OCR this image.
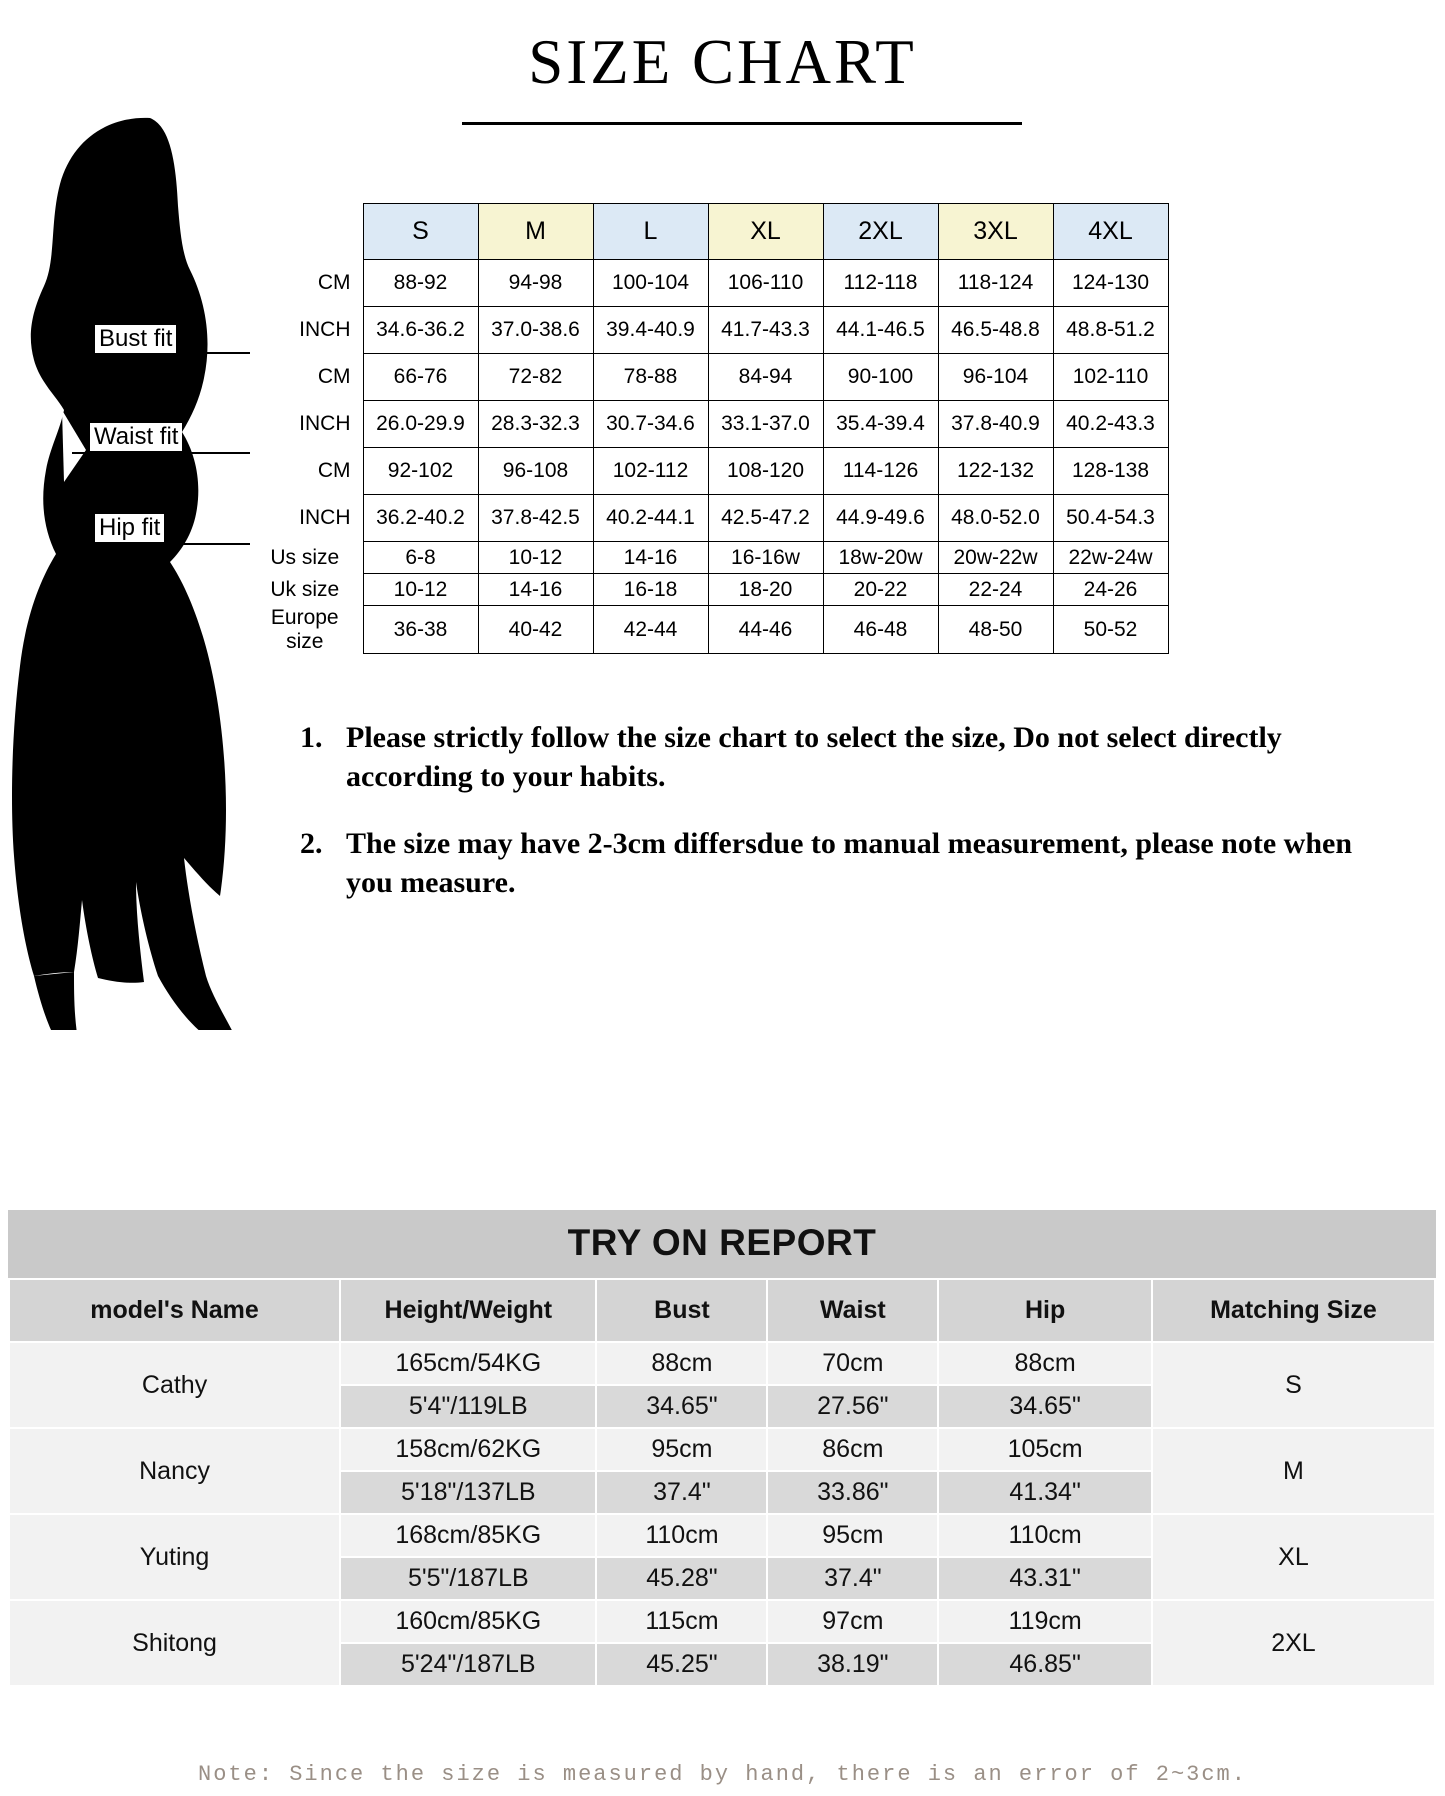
SIZE CHART
Bust fit
Waist fit
Hip fit
	S	M	L	XL	2XL	3XL	4XL
CM	88-92	94-98	100-104	106-110	112-118	118-124	124-130
INCH	34.6-36.2	37.0-38.6	39.4-40.9	41.7-43.3	44.1-46.5	46.5-48.8	48.8-51.2
CM	66-76	72-82	78-88	84-94	90-100	96-104	102-110
INCH	26.0-29.9	28.3-32.3	30.7-34.6	33.1-37.0	35.4-39.4	37.8-40.9	40.2-43.3
CM	92-102	96-108	102-112	108-120	114-126	122-132	128-138
INCH	36.2-40.2	37.8-42.5	40.2-44.1	42.5-47.2	44.9-49.6	48.0-52.0	50.4-54.3
Us size	6-8	10-12	14-16	16-16w	18w-20w	20w-22w	22w-24w
Uk size	10-12	14-16	16-18	18-20	20-22	22-24	24-26
Europe size	36-38	40-42	42-44	44-46	46-48	48-50	50-52
1. Please strictly follow the size chart to select the size, Do not select directly according to your habits.
2. The size may have 2-3cm differsdue to manual measurement, please note when you measure.
TRY ON REPORT
model's Name	Height/Weight	Bust	Waist	Hip	Matching Size
Cathy	165cm/54KG	88cm	70cm	88cm	S
	5'4"/119LB	34.65"	27.56"	34.65"	
Nancy	158cm/62KG	95cm	86cm	105cm	M
	5'18"/137LB	37.4"	33.86"	41.34"	
Yuting	168cm/85KG	110cm	95cm	110cm	XL
	5'5"/187LB	45.28"	37.4"	43.31"	
Shitong	160cm/85KG	115cm	97cm	119cm	2XL
	5'24"/187LB	45.25"	38.19"	46.85"	
Note: Since the size is measured by hand, there is an error of 2~3cm.
